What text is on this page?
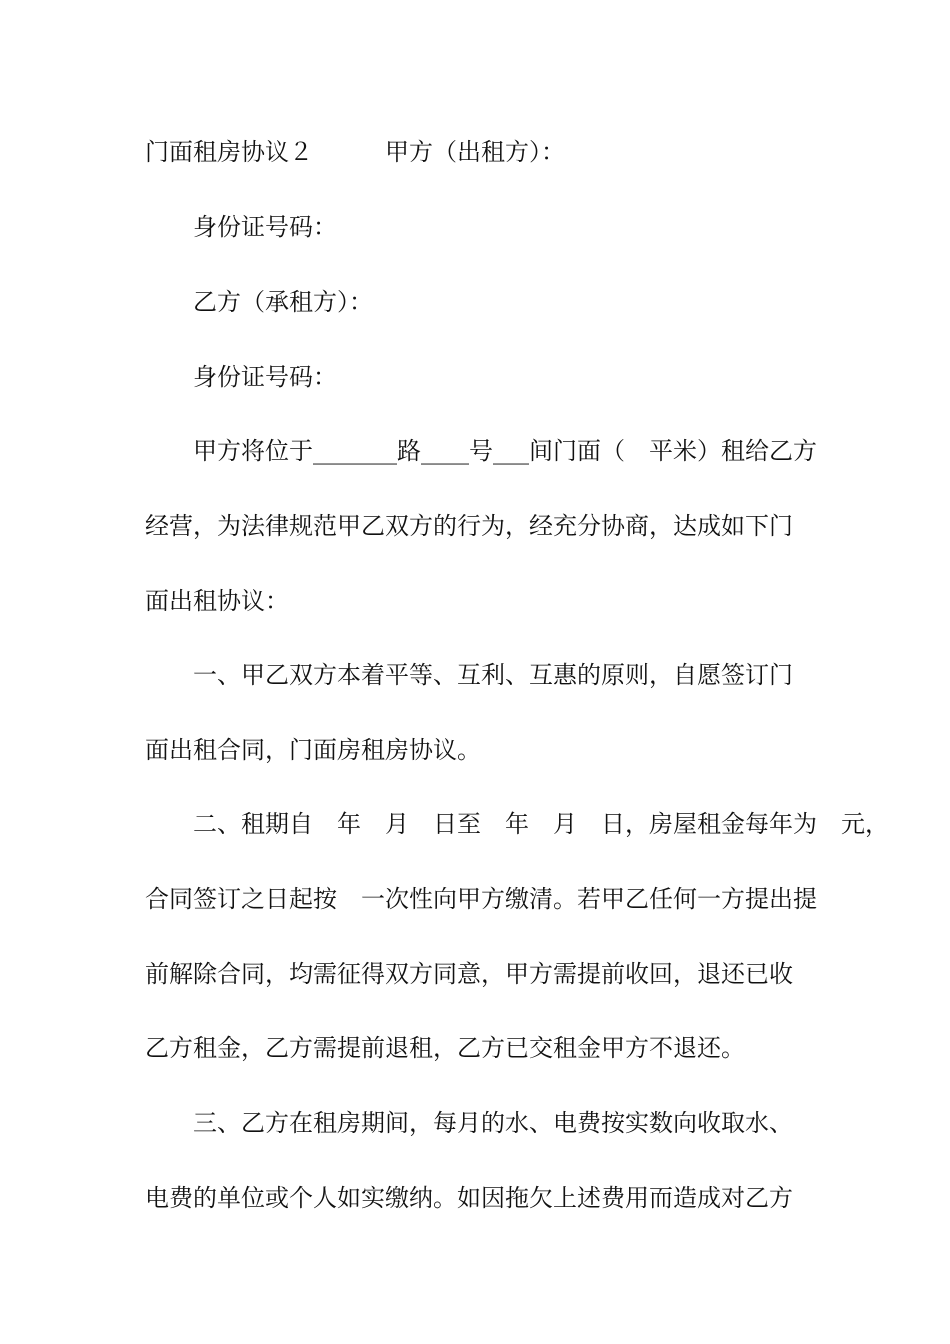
门面租房协议２　　　甲方（出租方）：
身份证号码：
乙方（承租方）：
身份证号码：
甲方将位于_______路____号___间门面（　平米）租给乙方
经营，为法律规范甲乙双方的行为，经充分协商，达成如下门
面出租协议：
一、甲乙双方本着平等、互利、互惠的原则，自愿签订门
面出租合同，门面房租房协议。
二、租期自　年　月　日至　年　月　日，房屋租金每年为　元，
合同签订之日起按　一次性向甲方缴清。若甲乙任何一方提出提
前解除合同，均需征得双方同意，甲方需提前收回，退还已收
乙方租金，乙方需提前退租，乙方已交租金甲方不退还。
三、乙方在租房期间，每月的水、电费按实数向收取水、
电费的单位或个人如实缴纳。如因拖欠上述费用而造成对乙方
